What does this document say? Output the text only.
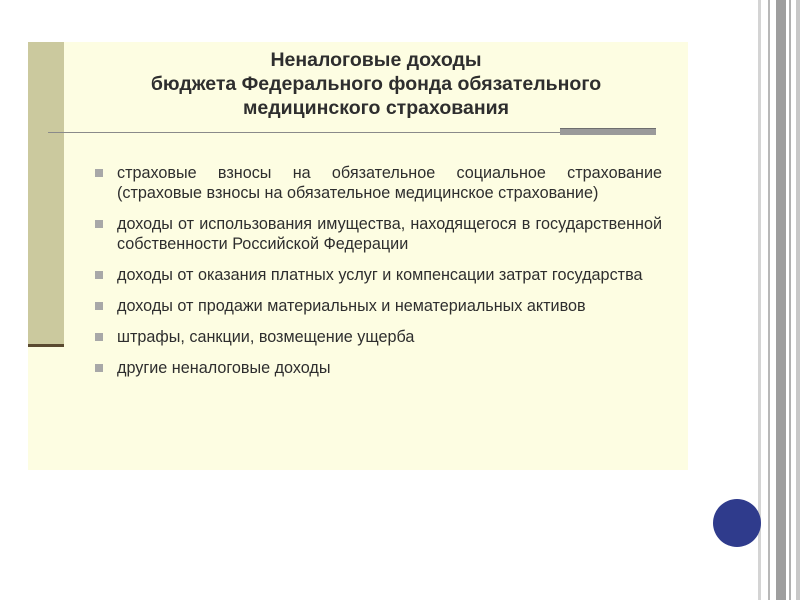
Неналоговые доходы
бюджета Федерального фонда обязательного
медицинского страхования
страховые взносы на обязательное социальное страхование (страховые взносы на обязательное медицинское страхование)
доходы от использования имущества, находящегося в государственной собственности Российской Федерации
доходы от оказания платных услуг и компенсации затрат государства
доходы от продажи материальных и нематериальных активов
штрафы, санкции, возмещение ущерба
другие неналоговые доходы
